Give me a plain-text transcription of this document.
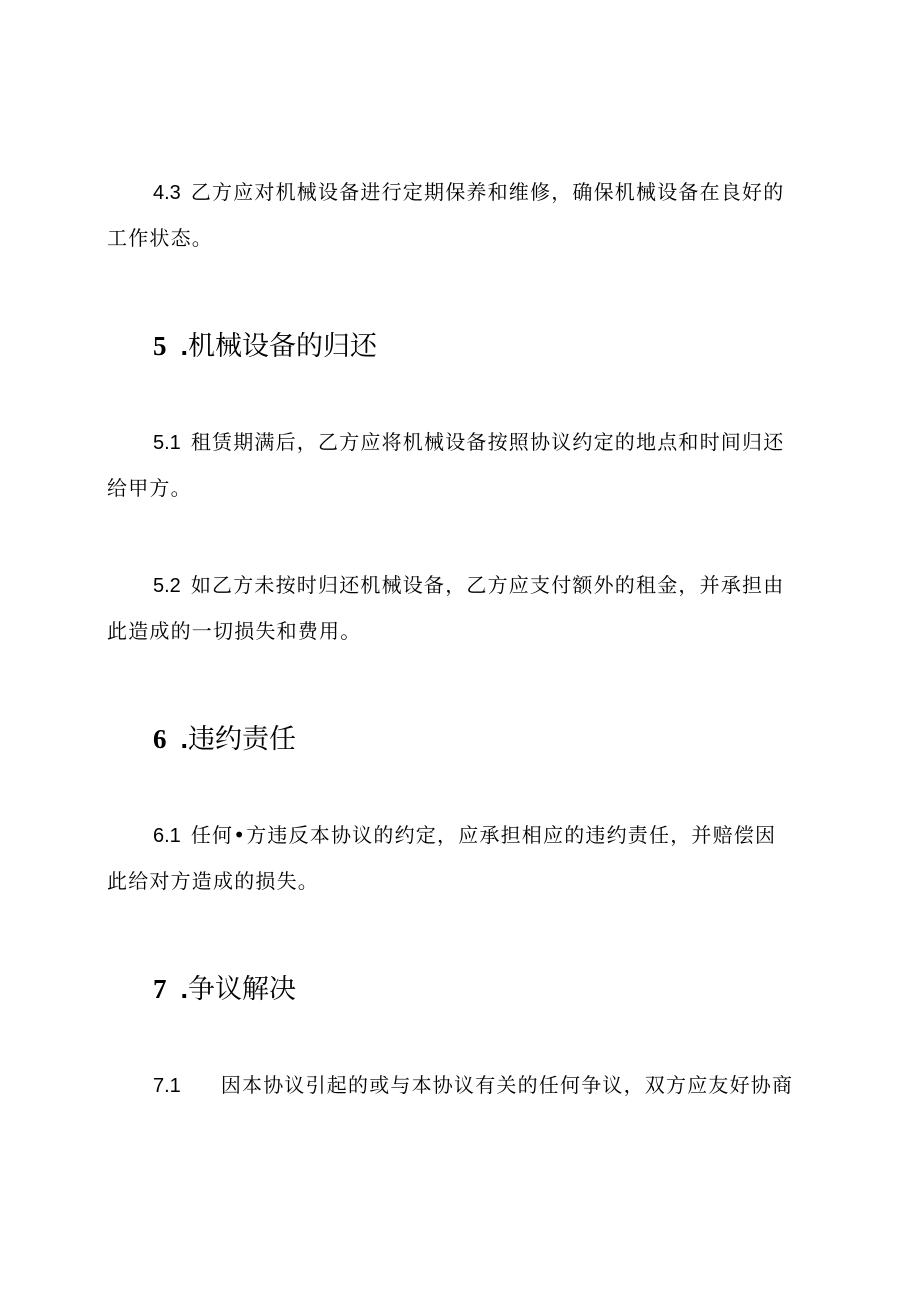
4.3 乙方应对机械设备进行定期保养和维修，确保机械设备在良好的
工作状态。

5 .机械设备的归还

5.1 租赁期满后，乙方应将机械设备按照协议约定的地点和时间归还
给甲方。

5.2 如乙方未按时归还机械设备，乙方应支付额外的租金，并承担由
此造成的一切损失和费用。

6 .违约责任

6.1 任何•方违反本协议的约定，应承担相应的违约责任，并赔偿因
此给对方造成的损失。

7 .争议解决

7.1 因本协议引起的或与本协议有关的任何争议，双方应友好协商
